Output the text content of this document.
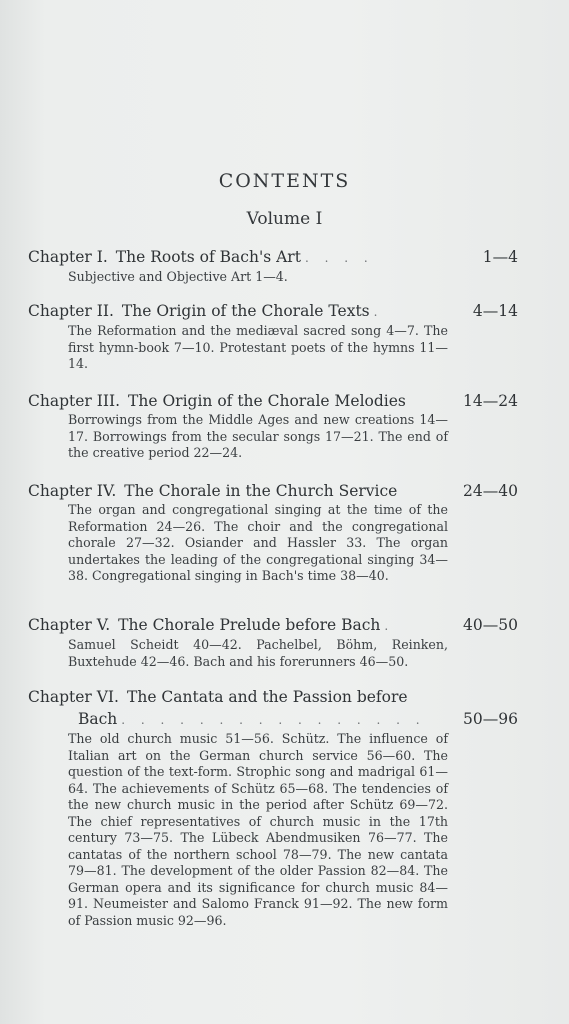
CONTENTS
Volume I
Chapter I. The Roots of Bach's Art . . . .	1—4
Subjective and Objective Art 1—4.
Chapter II. The Origin of the Chorale Texts .	4—14
The Reformation and the mediæval sacred song 4—7. The first hymn-book 7—10. Protestant poets of the hymns 11—14.
Chapter III. The Origin of the Chorale Melodies	14—24
Borrowings from the Middle Ages and new creations 14—17. Borrowings from the secular songs 17—21. The end of the creative period 22—24.
Chapter IV. The Chorale in the Church Service	24—40
The organ and congregational singing at the time of the Reformation 24—26. The choir and the congregational chorale 27—32. Osiander and Hassler 33. The organ undertakes the leading of the congregational singing 34—38. Congregational singing in Bach's time 38—40.
Chapter V. The Chorale Prelude before Bach .	40—50
Samuel Scheidt 40—42. Pachelbel, Böhm, Reinken, Buxtehude 42—46. Bach and his forerunners 46—50.
Chapter VI. The Cantata and the Passion before
Bach . . . . . . . . . . . . . . . .	50—96
The old church music 51—56. Schütz. The influence of Italian art on the German church service 56—60. The question of the text-form. Strophic song and madrigal 61—64. The achievements of Schütz 65—68. The tendencies of the new church music in the period after Schütz 69—72. The chief representatives of church music in the 17th century 73—75. The Lübeck Abendmusiken 76—77. The cantatas of the northern school 78—79. The new cantata 79—81. The development of the older Passion 82—84. The German opera and its significance for church music 84—91. Neumeister and Salomo Franck 91—92. The new form of Passion music 92—96.
